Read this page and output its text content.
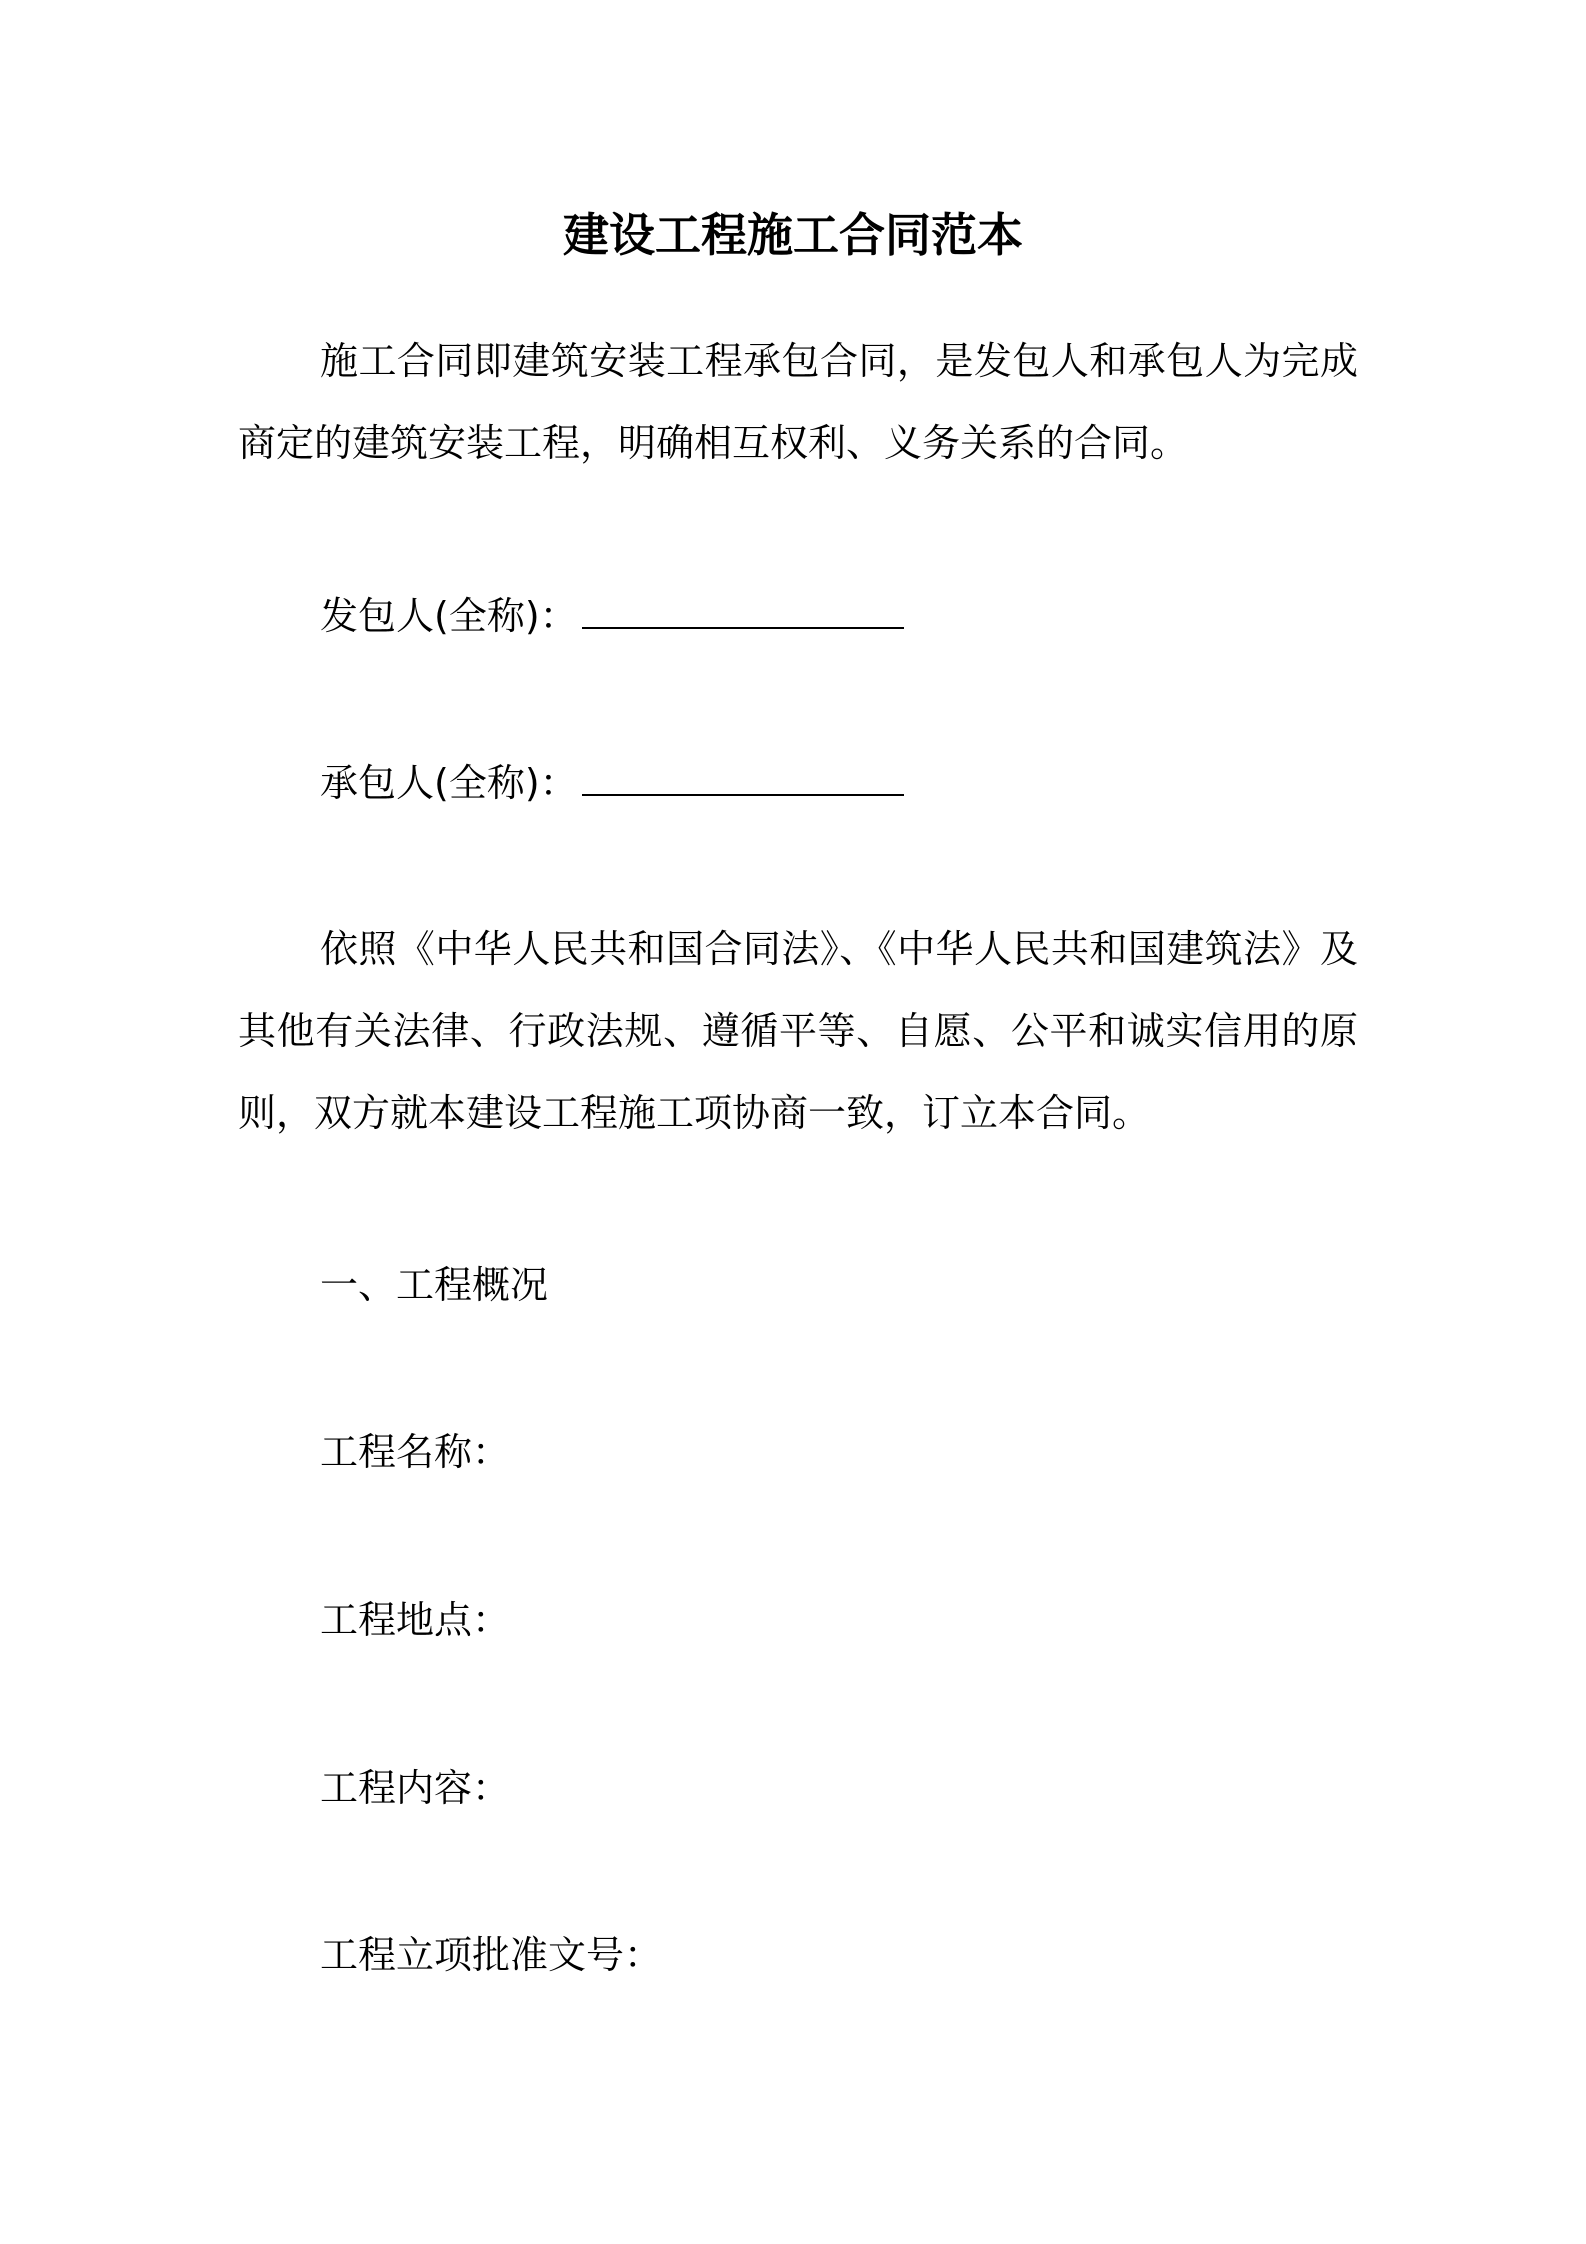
建设工程施工合同范本

施工合同即建筑安装工程承包合同，是发包人和承包人为完成商定的建筑安装工程，明确相互权利、义务关系的合同。

发包人(全称)：
承包人(全称)：

依照《中华人民共和国合同法》、《中华人民共和国建筑法》及其他有关法律、行政法规、遵循平等、自愿、公平和诚实信用的原则，双方就本建设工程施工项协商一致，订立本合同。

一、工程概况
工程名称：
工程地点：
工程内容：
工程立项批准文号：
